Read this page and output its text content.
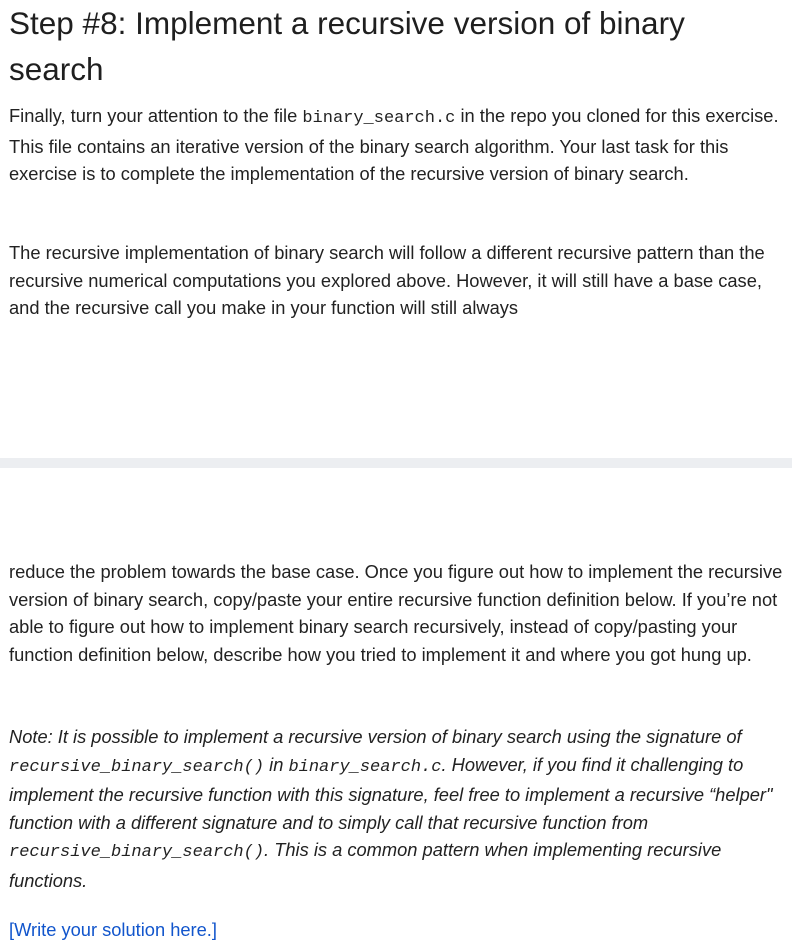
Step #8: Implement a recursive version of binary search

Finally, turn your attention to the file binary_search.c in the repo you cloned for this exercise. This file contains an iterative version of the binary search algorithm. Your last task for this exercise is to complete the implementation of the recursive version of binary search.

The recursive implementation of binary search will follow a different recursive pattern than the recursive numerical computations you explored above. However, it will still have a base case, and the recursive call you make in your function will still always

reduce the problem towards the base case. Once you figure out how to implement the recursive version of binary search, copy/paste your entire recursive function definition below. If you’re not able to figure out how to implement binary search recursively, instead of copy/pasting your function definition below, describe how you tried to implement it and where you got hung up.

Note: It is possible to implement a recursive version of binary search using the signature of recursive_binary_search() in binary_search.c. However, if you find it challenging to implement the recursive function with this signature, feel free to implement a recursive “helper" function with a different signature and to simply call that recursive function from recursive_binary_search(). This is a common pattern when implementing recursive functions.

[Write your solution here.]
